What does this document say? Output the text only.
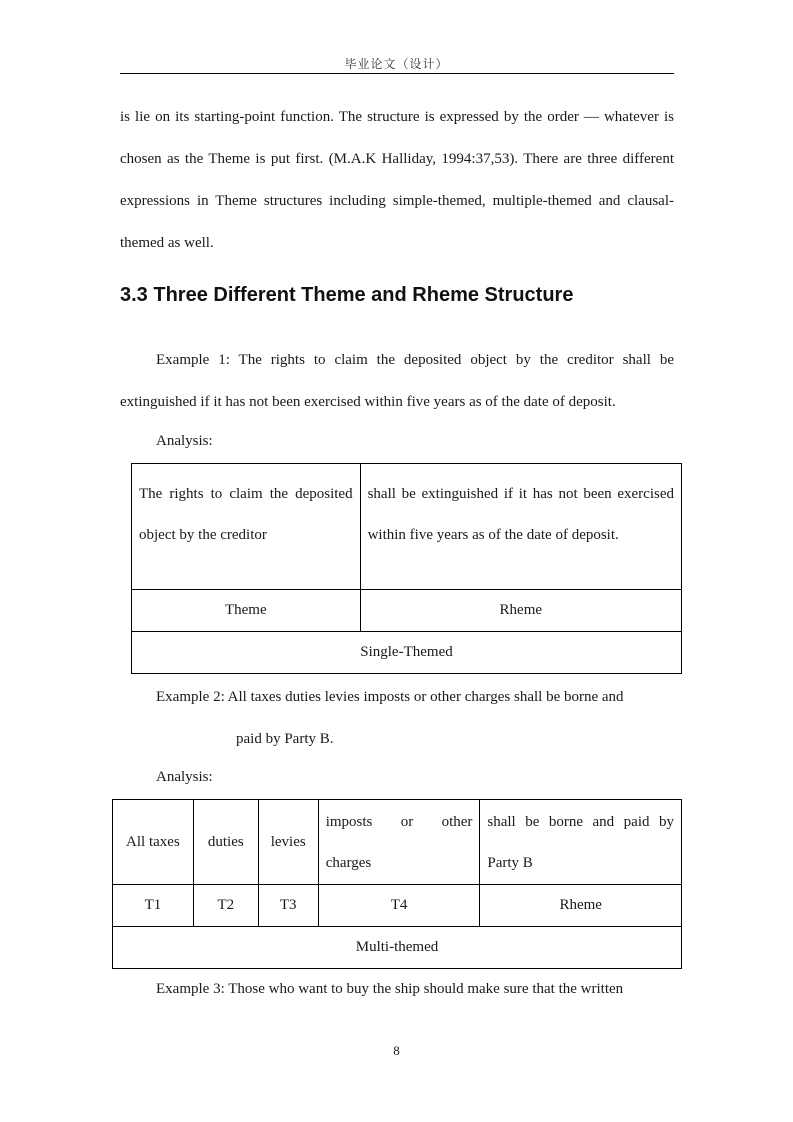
毕业论文（设计）

is lie on its starting-point function. The structure is expressed by the order — whatever is chosen as the Theme is put first. (M.A.K Halliday, 1994:37,53). There are three different expressions in Theme structures including simple-themed, multiple-themed and clausal-themed as well.

3.3 Three Different Theme and Rheme Structure

Example 1: The rights to claim the deposited object by the creditor shall be extinguished if it has not been exercised within five years as of the date of deposit.

Analysis:

The rights to claim the deposited object by the creditor	shall be extinguished if it has not been exercised within five years as of the date of deposit.

Theme	Rheme
Single-Themed	

Example 2: All taxes duties levies imposts or other charges shall be borne and

paid by Party B.

Analysis:

All taxes	duties	levies	imposts or other charges	shall be borne and paid by Party B

T1	T2	T3	T4	Rheme
Multi-themed				

Example 3: Those who want to buy the ship should make sure that the written

8
